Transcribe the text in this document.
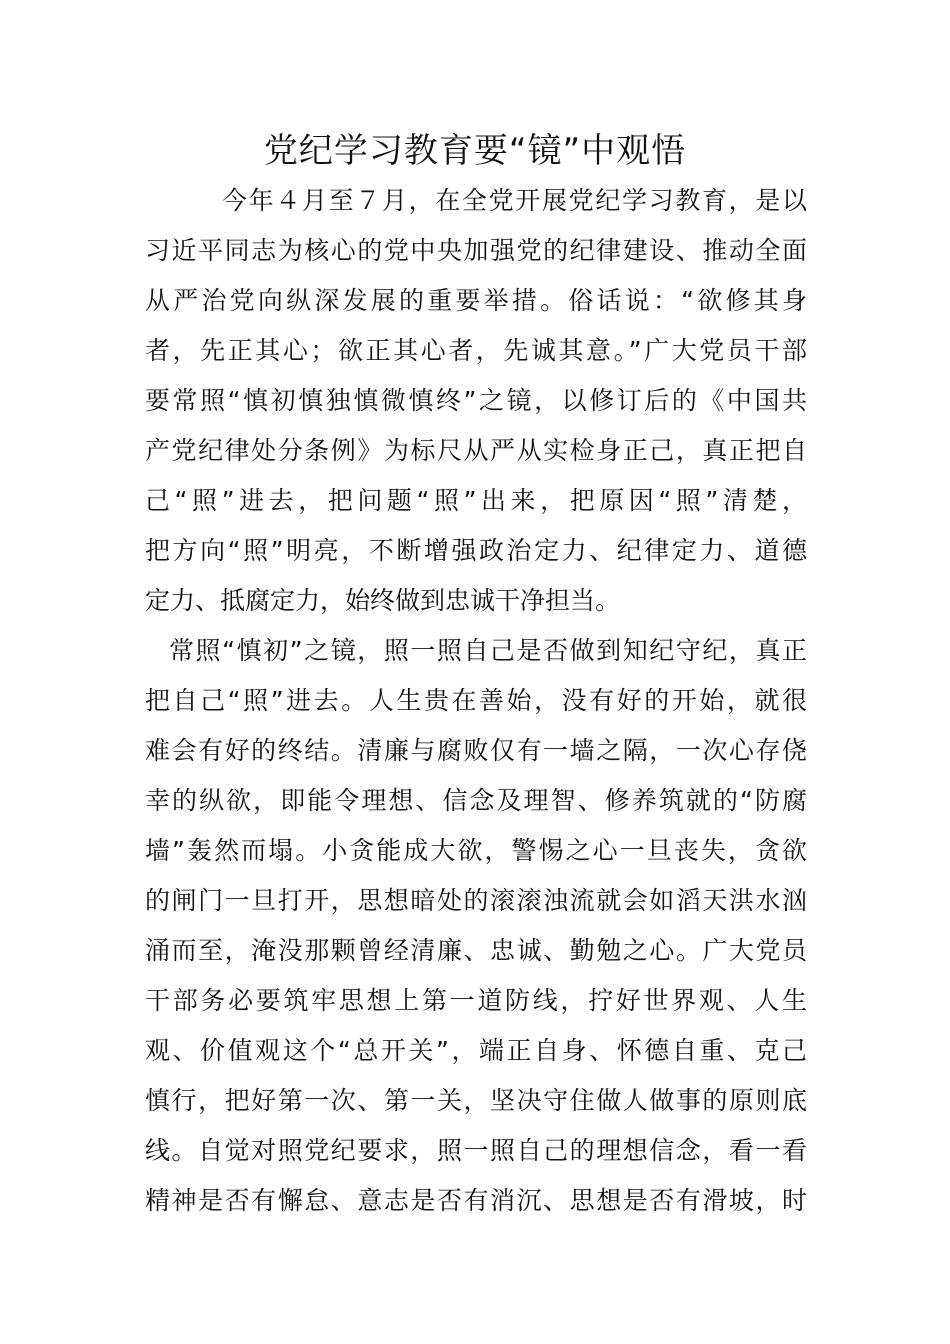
党纪学习教育要“镜”中观悟
今年４月至７月，在全党开展党纪学习教育，是以
习近平同志为核心的党中央加强党的纪律建设、推动全面
从严治党向纵深发展的重要举措。俗话说：“欲修其身
者，先正其心；欲正其心者，先诚其意。”广大党员干部
要常照“慎初慎独慎微慎终”之镜，以修订后的《中国共
产党纪律处分条例》为标尺从严从实检身正己，真正把自
己“照”进去，把问题“照”出来，把原因“照”清楚，
把方向“照”明亮，不断增强政治定力、纪律定力、道德
定力、抵腐定力，始终做到忠诚干净担当。
常照“慎初”之镜，照一照自己是否做到知纪守纪，真正
把自己“照”进去。人生贵在善始，没有好的开始，就很
难会有好的终结。清廉与腐败仅有一墙之隔，一次心存侥
幸的纵欲，即能令理想、信念及理智、修养筑就的“防腐
墙”轰然而塌。小贪能成大欲，警惕之心一旦丧失，贪欲
的闸门一旦打开，思想暗处的滚滚浊流就会如滔天洪水汹
涌而至，淹没那颗曾经清廉、忠诚、勤勉之心。广大党员
干部务必要筑牢思想上第一道防线，拧好世界观、人生
观、价值观这个“总开关”，端正自身、怀德自重、克己
慎行，把好第一次、第一关，坚决守住做人做事的原则底
线。自觉对照党纪要求，照一照自己的理想信念，看一看
精神是否有懈怠、意志是否有消沉、思想是否有滑坡，时
